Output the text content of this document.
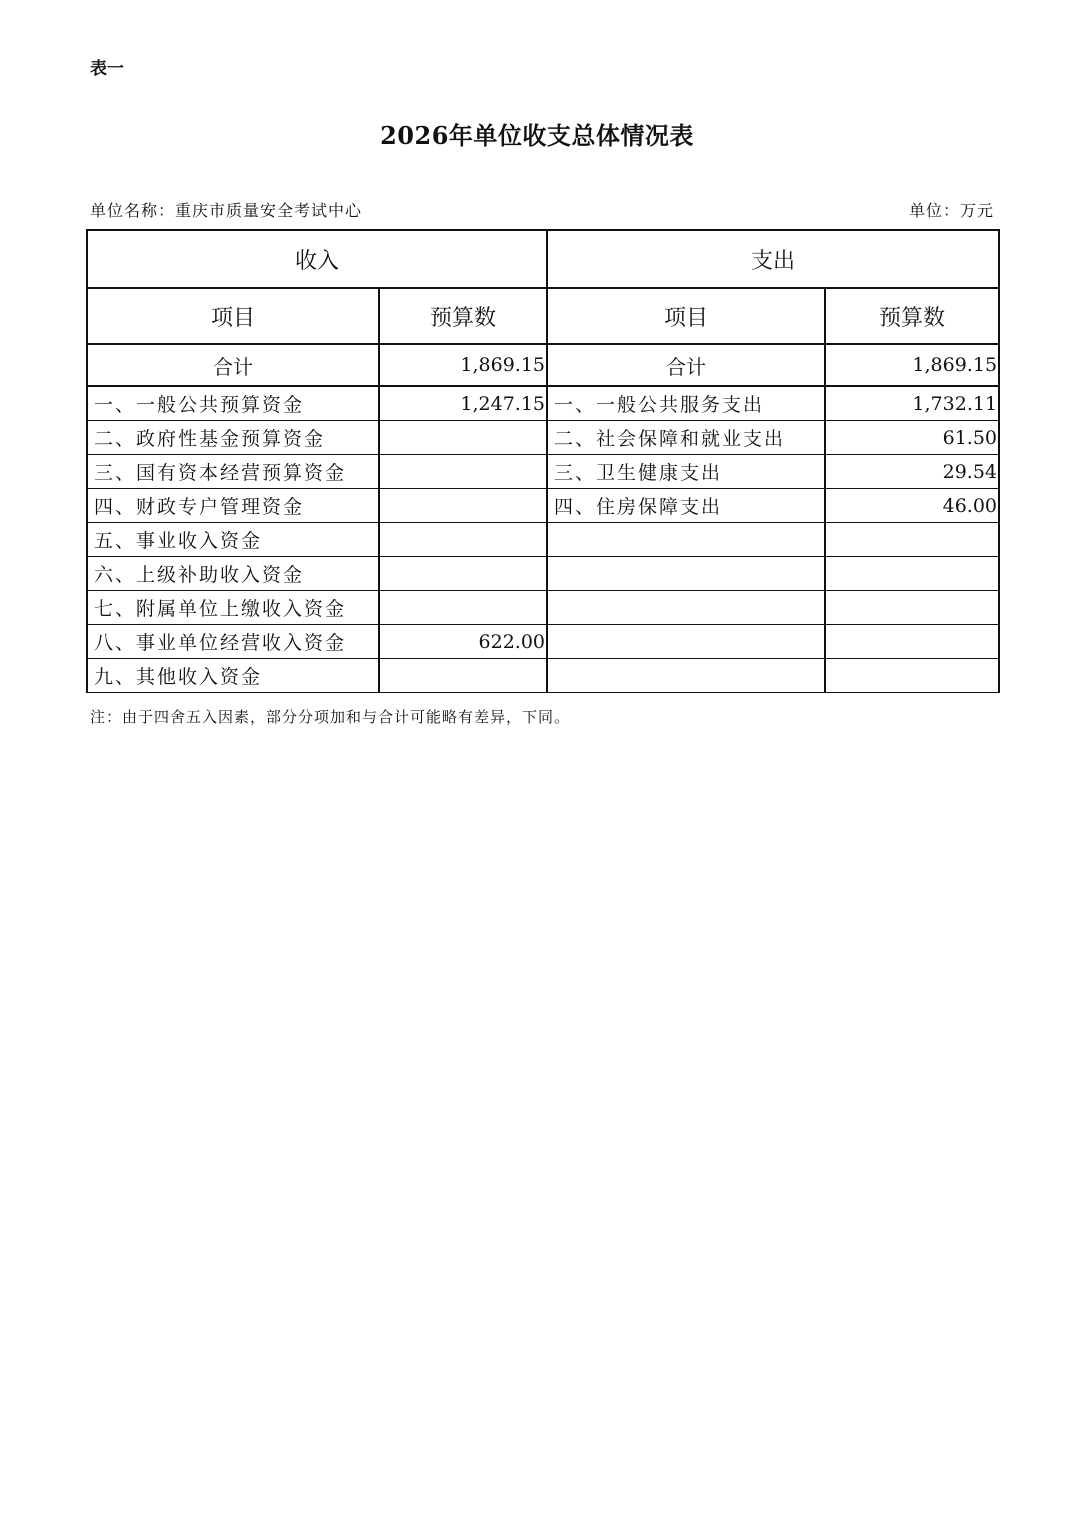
表一
2026年单位收支总体情况表
单位名称：重庆市质量安全考试中心	单位：万元
收入		支出	
项目	预算数	项目	预算数
合计	1,869.15	合计	1,869.15
一、一般公共预算资金	1,247.15	一、一般公共服务支出	1,732.11
二、政府性基金预算资金		二、社会保障和就业支出	61.50
三、国有资本经营预算资金		三、卫生健康支出	29.54
四、财政专户管理资金		四、住房保障支出	46.00
五、事业收入资金			
六、上级补助收入资金			
七、附属单位上缴收入资金			
八、事业单位经营收入资金	622.00		
九、其他收入资金			
注：由于四舍五入因素，部分分项加和与合计可能略有差异，下同。
